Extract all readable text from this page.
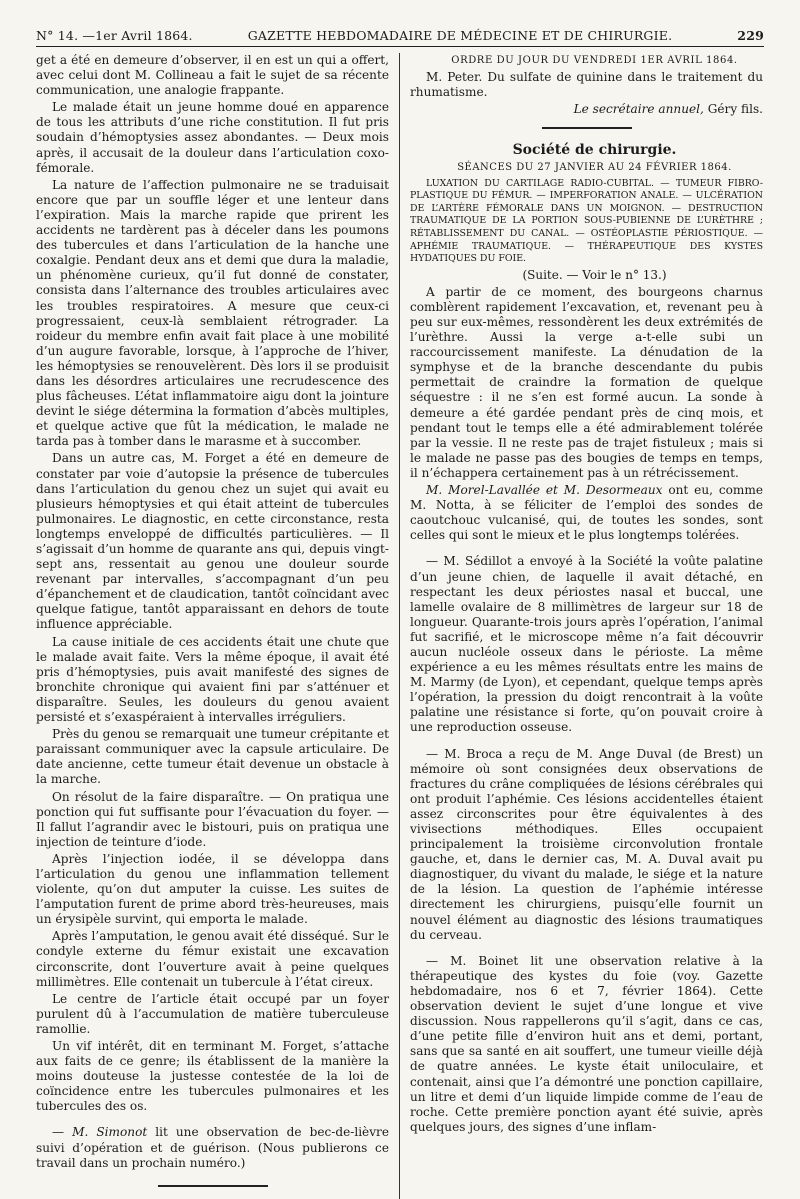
N° 14. —1er Avril 1864.	GAZETTE HEBDOMADAIRE DE MÉDECINE ET DE CHIRURGIE.	229

get a été en demeure d’observer, il en est un qui a offert, avec celui dont M. Collineau a fait le sujet de sa récente communication, une analogie frappante.

Le malade était un jeune homme doué en apparence de tous les attributs d’une riche constitution. Il fut pris soudain d’hémoptysies assez abondantes. — Deux mois après, il accusait de la douleur dans l’articulation coxo-fémorale.

La nature de l’affection pulmonaire ne se traduisait encore que par un souffle léger et une lenteur dans l’expiration. Mais la marche rapide que prirent les accidents ne tardèrent pas à déceler dans les poumons des tubercules et dans l’articulation de la hanche une coxalgie. Pendant deux ans et demi que dura la maladie, un phénomène curieux, qu’il fut donné de constater, consista dans l’alternance des troubles articulaires avec les troubles respiratoires. A mesure que ceux-ci progressaient, ceux-là semblaient rétrograder. La roideur du membre enfin avait fait place à une mobilité d’un augure favorable, lorsque, à l’approche de l’hiver, les hémoptysies se renouvelèrent. Dès lors il se produisit dans les désordres articulaires une recrudescence des plus fâcheuses. L’état inflammatoire aigu dont la jointure devint le siége détermina la formation d’abcès multiples, et quelque active que fût la médication, le malade ne tarda pas à tomber dans le marasme et à succomber.

Dans un autre cas, M. Forget a été en demeure de constater par voie d’autopsie la présence de tubercules dans l’articulation du genou chez un sujet qui avait eu plusieurs hémoptysies et qui était atteint de tubercules pulmonaires. Le diagnostic, en cette circonstance, resta longtemps enveloppé de difficultés particulières. — Il s’agissait d’un homme de quarante ans qui, depuis vingt-sept ans, ressentait au genou une douleur sourde revenant par intervalles, s’accompagnant d’un peu d’épanchement et de claudication, tantôt coïncidant avec quelque fatigue, tantôt apparaissant en dehors de toute influence appréciable.

La cause initiale de ces accidents était une chute que le malade avait faite. Vers la même époque, il avait été pris d’hémoptysies, puis avait manifesté des signes de bronchite chronique qui avaient fini par s’atténuer et disparaître. Seules, les douleurs du genou avaient persisté et s’exaspéraient à intervalles irréguliers.

Près du genou se remarquait une tumeur crépitante et paraissant communiquer avec la capsule articulaire. De date ancienne, cette tumeur était devenue un obstacle à la marche.

On résolut de la faire disparaître. — On pratiqua une ponction qui fut suffisante pour l’évacuation du foyer. — Il fallut l’agrandir avec le bistouri, puis on pratiqua une injection de teinture d’iode.

Après l’injection iodée, il se développa dans l’articulation du genou une inflammation tellement violente, qu’on dut amputer la cuisse. Les suites de l’amputation furent de prime abord très-heureuses, mais un érysipèle survint, qui emporta le malade.

Après l’amputation, le genou avait été disséqué. Sur le condyle externe du fémur existait une excavation circonscrite, dont l’ouverture avait à peine quelques millimètres. Elle contenait un tubercule à l’état cireux.

Le centre de l’article était occupé par un foyer purulent dû à l’accumulation de matière tuberculeuse ramollie.

Un vif intérêt, dit en terminant M. Forget, s’attache aux faits de ce genre; ils établissent de la manière la moins douteuse la justesse contestée de la loi de coïncidence entre les tubercules pulmonaires et les tubercules des os.

— M. Simonot lit une observation de bec-de-lièvre suivi d’opération et de guérison. (Nous publierons ce travail dans un prochain numéro.)

ORDRE DU JOUR DU VENDREDI 1ER AVRIL 1864.

M. Peter. Du sulfate de quinine dans le traitement du rhumatisme.

Le secrétaire annuel, Géry fils.

Société de chirurgie.

SÉANCES DU 27 JANVIER AU 24 FÉVRIER 1864.

LUXATION DU CARTILAGE RADIO-CUBITAL. — TUMEUR FIBRO-PLASTIQUE DU FÉMUR. — IMPERFORATION ANALE. — ULCÉRATION DE L’ARTÈRE FÉMORALE DANS UN MOIGNON. — DESTRUCTION TRAUMATIQUE DE LA PORTION SOUS-PUBIENNE DE L’URÈTHRE ; RÉTABLISSEMENT DU CANAL. — OSTÉOPLASTIE PÉRIOSTIQUE. — APHÉMIE TRAUMATIQUE. — THÉRAPEUTIQUE DES KYSTES HYDATIQUES DU FOIE.

(Suite. — Voir le n° 13.)

A partir de ce moment, des bourgeons charnus comblèrent rapidement l’excavation, et, revenant peu à peu sur eux-mêmes, ressondèrent les deux extrémités de l’urèthre. Aussi la verge a-t-elle subi un raccourcissement manifeste. La dénudation de la symphyse et de la branche descendante du pubis permettait de craindre la formation de quelque séquestre : il ne s’en est formé aucun. La sonde à demeure a été gardée pendant près de cinq mois, et pendant tout le temps elle a été admirablement tolérée par la vessie. Il ne reste pas de trajet fistuleux ; mais si le malade ne passe pas des bougies de temps en temps, il n’échappera certainement pas à un rétrécissement.

M. Morel-Lavallée et M. Desormeaux ont eu, comme M. Notta, à se féliciter de l’emploi des sondes de caoutchouc vulcanisé, qui, de toutes les sondes, sont celles qui sont le mieux et le plus longtemps tolérées.

— M. Sédillot a envoyé à la Société la voûte palatine d’un jeune chien, de laquelle il avait détaché, en respectant les deux périostes nasal et buccal, une lamelle ovalaire de 8 millimètres de largeur sur 18 de longueur. Quarante-trois jours après l’opération, l’animal fut sacrifié, et le microscope même n’a fait découvrir aucun nucléole osseux dans le périoste. La même expérience a eu les mêmes résultats entre les mains de M. Marmy (de Lyon), et cependant, quelque temps après l’opération, la pression du doigt rencontrait à la voûte palatine une résistance si forte, qu’on pouvait croire à une reproduction osseuse.

— M. Broca a reçu de M. Ange Duval (de Brest) un mémoire où sont consignées deux observations de fractures du crâne compliquées de lésions cérébrales qui ont produit l’aphémie. Ces lésions accidentelles étaient assez circonscrites pour être équivalentes à des vivisections méthodiques. Elles occupaient principalement la troisième circonvolution frontale gauche, et, dans le dernier cas, M. A. Duval avait pu diagnostiquer, du vivant du malade, le siége et la nature de la lésion. La question de l’aphémie intéresse directement les chirurgiens, puisqu’elle fournit un nouvel élément au diagnostic des lésions traumatiques du cerveau.

— M. Boinet lit une observation relative à la thérapeutique des kystes du foie (voy. Gazette hebdomadaire, nos 6 et 7, février 1864). Cette observation devient le sujet d’une longue et vive discussion. Nous rappellerons qu’il s’agit, dans ce cas, d’une petite fille d’environ huit ans et demi, portant, sans que sa santé en ait souffert, une tumeur vieille déjà de quatre années. Le kyste était uniloculaire, et contenait, ainsi que l’a démontré une ponction capillaire, un litre et demi d’un liquide limpide comme de l’eau de roche. Cette première ponction ayant été suivie, après quelques jours, des signes d’une inflam-
